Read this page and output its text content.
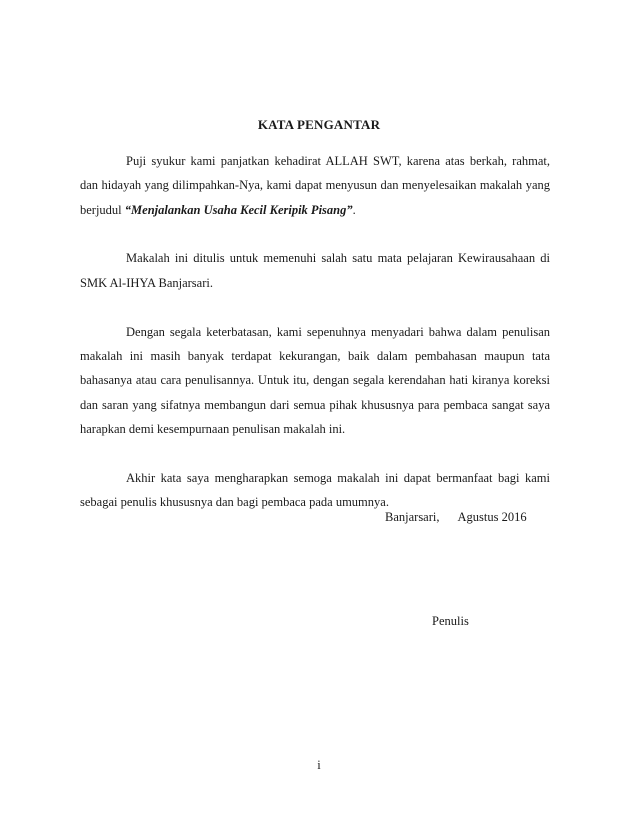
KATA PENGANTAR

Puji syukur kami panjatkan kehadirat ALLAH SWT, karena atas berkah, rahmat, dan hidayah yang dilimpahkan-Nya, kami dapat menyusun dan menyelesaikan makalah yang berjudul “Menjalankan Usaha Kecil Keripik Pisang”.

Makalah ini ditulis untuk memenuhi salah satu mata pelajaran Kewirausahaan di SMK Al-IHYA Banjarsari.

Dengan segala keterbatasan, kami sepenuhnya menyadari bahwa dalam penulisan makalah ini masih banyak terdapat kekurangan, baik dalam pembahasan maupun tata bahasanya atau cara penulisannya. Untuk itu, dengan segala kerendahan hati kiranya koreksi dan saran yang sifatnya membangun dari semua pihak khususnya para pembaca sangat saya harapkan demi kesempurnaan penulisan makalah ini.

Akhir kata saya mengharapkan semoga makalah ini dapat bermanfaat bagi kami sebagai penulis khususnya dan bagi pembaca pada umumnya.

Banjarsari, Agustus 2016
Penulis
i
